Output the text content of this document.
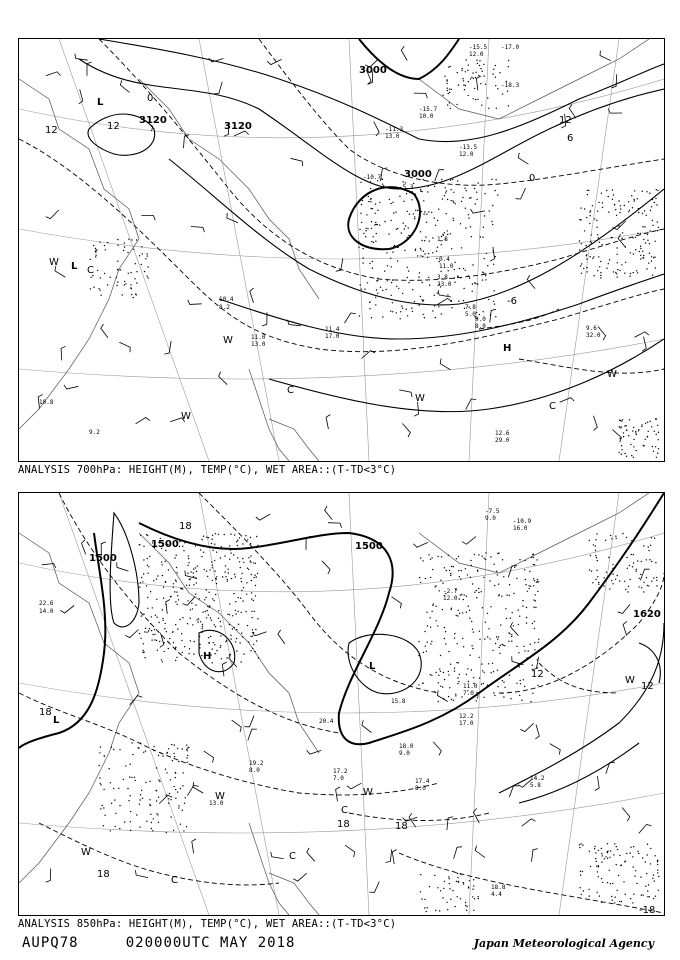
3120
3120
3000
3000
L
L
H
W
W
W
W
W
C
C
C
12	12
12
0
0
-6
6
-15.5
12.0
-17.0
-18.3
-15.7
10.0
-13.5
12.0
-11.3
13.0
-10.7
-5.3
0.4
11.0
1.8
3.8
23.0
7.8
5.0
9.0
8.0	9.6
32.0
11.0
13.0
11.4
17.0
10.4
8.2
12.6
29.0
10.8
9.2
ANALYSIS 700hPa: HEIGHT(M), TEMP(°C), WET AREA::(T-TD<3°C)
1500
1500	1500
1620
L
L
H
W
W
W
W
C
C
C
18
18
18	18
18
12
12
-18
-7.5
9.0	-10.9
16.0
-2.7
12.0
11.0
7.0
12.2
17.0
17.4
8.0
18.0
9.0
14.2
5.8
17.2
7.0
19.2
8.0
18.8
4.4
15.8
20.4
13.0
22.6
14.0
ANALYSIS 850hPa: HEIGHT(M), TEMP(°C), WET AREA::(T-TD<3°C)
AUPQ78	020000UTC MAY 2018	Japan Meteorological Agency
